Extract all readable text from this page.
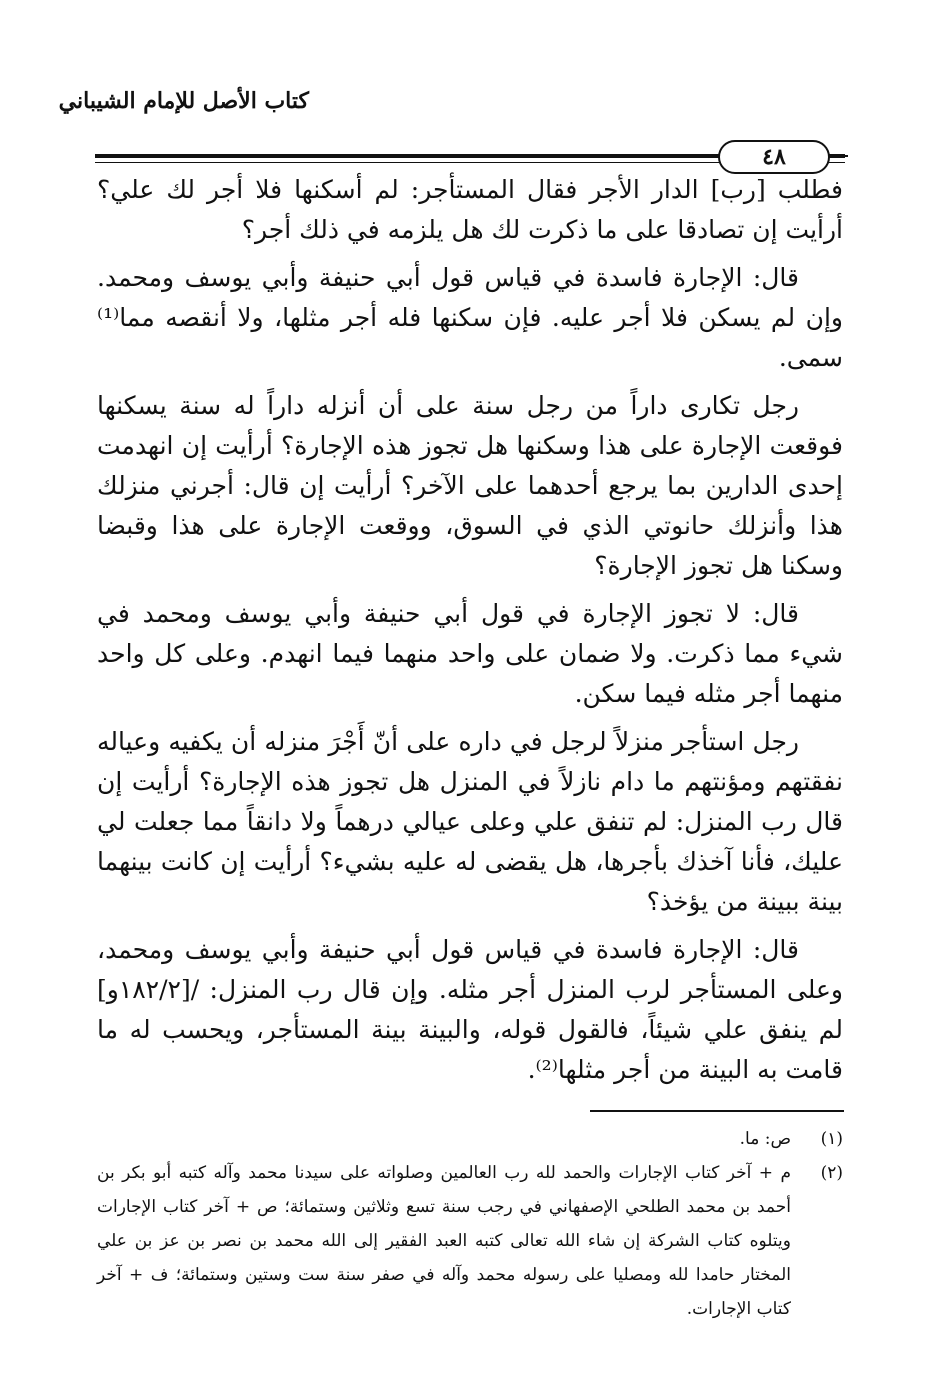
كتاب الأصل للإمام الشيباني
٤٨

فطلب [رب] الدار الأجر فقال المستأجر: لم أسكنها فلا أجر لك علي؟ أرأيت إن تصادقا على ما ذكرت لك هل يلزمه في ذلك أجر؟

قال: الإجارة فاسدة في قياس قول أبي حنيفة وأبي يوسف ومحمد. وإن لم يسكن فلا أجر عليه. فإن سكنها فله أجر مثلها، ولا أنقصه مما⁽¹⁾ سمى.

رجل تكارى داراً من رجل سنة على أن أنزله داراً له سنة يسكنها فوقعت الإجارة على هذا وسكنها هل تجوز هذه الإجارة؟ أرأيت إن انهدمت إحدى الدارين بما يرجع أحدهما على الآخر؟ أرأيت إن قال: أجرني منزلك هذا وأنزلك حانوتي الذي في السوق، ووقعت الإجارة على هذا وقبضا وسكنا هل تجوز الإجارة؟

قال: لا تجوز الإجارة في قول أبي حنيفة وأبي يوسف ومحمد في شيء مما ذكرت. ولا ضمان على واحد منهما فيما انهدم. وعلى كل واحد منهما أجر مثله فيما سكن.

رجل استأجر منزلاً لرجل في داره على أنّ أَجْرَ منزله أن يكفيه وعياله نفقتهم ومؤنتهم ما دام نازلاً في المنزل هل تجوز هذه الإجارة؟ أرأيت إن قال رب المنزل: لم تنفق علي وعلى عيالي درهماً ولا دانقاً مما جعلت لي عليك، فأنا آخذك بأجرها، هل يقضى له عليه بشيء؟ أرأيت إن كانت بينهما بينة ببينة من يؤخذ؟

قال: الإجارة فاسدة في قياس قول أبي حنيفة وأبي يوسف ومحمد، وعلى المستأجر لرب المنزل أجر مثله. وإن قال رب المنزل: /[١٨٢/٢و] لم ينفق علي شيئاً، فالقول قوله، والبينة بينة المستأجر، ويحسب له ما قامت به البينة من أجر مثلها⁽²⁾.

(١)
ص: ما.
(٢)
م + آخر كتاب الإجارات والحمد لله رب العالمين وصلواته على سيدنا محمد وآله كتبه أبو بكر بن أحمد بن محمد الطلحي الإصفهاني في رجب سنة تسع وثلاثين وستمائة؛ ص + آخر كتاب الإجارات ويتلوه كتاب الشركة إن شاء الله تعالى كتبه العبد الفقير إلى الله محمد بن نصر بن عز بن علي المختار حامدا لله ومصليا على رسوله محمد وآله في صفر سنة ست وستين وستمائة؛ ف + آخر كتاب الإجارات.
